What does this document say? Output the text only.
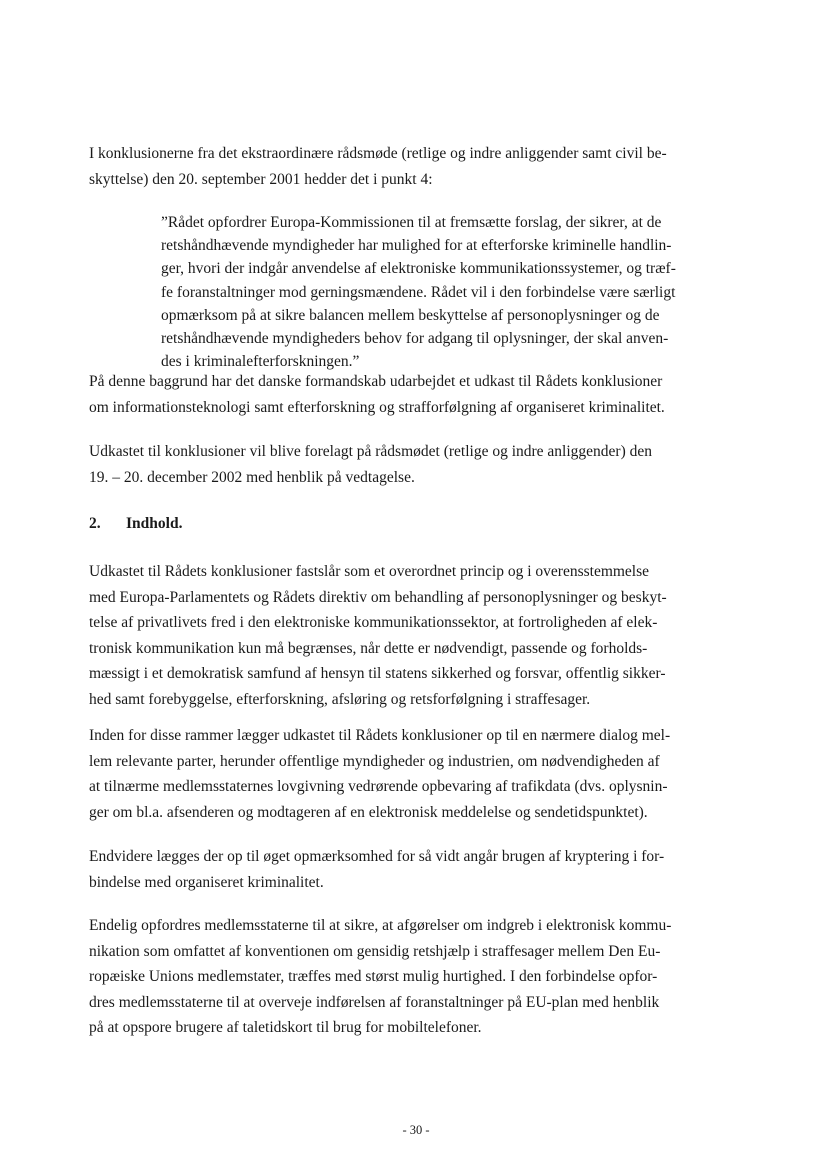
I konklusionerne fra det ekstraordinære rådsmøde (retlige og indre anliggender samt civil be-
skyttelse) den 20. september 2001 hedder det i punkt 4:

”Rådet opfordrer Europa-Kommissionen til at fremsætte forslag, der sikrer, at de
retshåndhævende myndigheder har mulighed for at efterforske kriminelle handlin-
ger, hvori der indgår anvendelse af elektroniske kommunikationssystemer, og træf-
fe foranstaltninger mod gerningsmændene. Rådet vil i den forbindelse være særligt
opmærksom på at sikre balancen mellem beskyttelse af personoplysninger og de
retshåndhævende myndigheders behov for adgang til oplysninger, der skal anven-
des i kriminalefterforskningen.”

På denne baggrund har det danske formandskab udarbejdet et udkast til Rådets konklusioner
om informationsteknologi samt efterforskning og strafforfølgning af organiseret kriminalitet.

Udkastet til konklusioner vil blive forelagt på rådsmødet (retlige og indre anliggender) den
19. – 20. december 2002 med henblik på vedtagelse.

2. Indhold.

Udkastet til Rådets konklusioner fastslår som et overordnet princip og i overensstemmelse
med Europa-Parlamentets og Rådets direktiv om behandling af personoplysninger og beskyt-
telse af privatlivets fred i den elektroniske kommunikationssektor, at fortroligheden af elek-
tronisk kommunikation kun må begrænses, når dette er nødvendigt, passende og forholds-
mæssigt i et demokratisk samfund af hensyn til statens sikkerhed og forsvar, offentlig sikker-
hed samt forebyggelse, efterforskning, afsløring og retsforfølgning i straffesager.

Inden for disse rammer lægger udkastet til Rådets konklusioner op til en nærmere dialog mel-
lem relevante parter, herunder offentlige myndigheder og industrien, om nødvendigheden af
at tilnærme medlemsstaternes lovgivning vedrørende opbevaring af trafikdata (dvs. oplysnin-
ger om bl.a. afsenderen og modtageren af en elektronisk meddelelse og sendetidspunktet).

Endvidere lægges der op til øget opmærksomhed for så vidt angår brugen af kryptering i for-
bindelse med organiseret kriminalitet.

Endelig opfordres medlemsstaterne til at sikre, at afgørelser om indgreb i elektronisk kommu-
nikation som omfattet af konventionen om gensidig retshjælp i straffesager mellem Den Eu-
ropæiske Unions medlemstater, træffes med størst mulig hurtighed. I den forbindelse opfor-
dres medlemsstaterne til at overveje indførelsen af foranstaltninger på EU-plan med henblik
på at opspore brugere af taletidskort til brug for mobiltelefoner.

- 30 -
